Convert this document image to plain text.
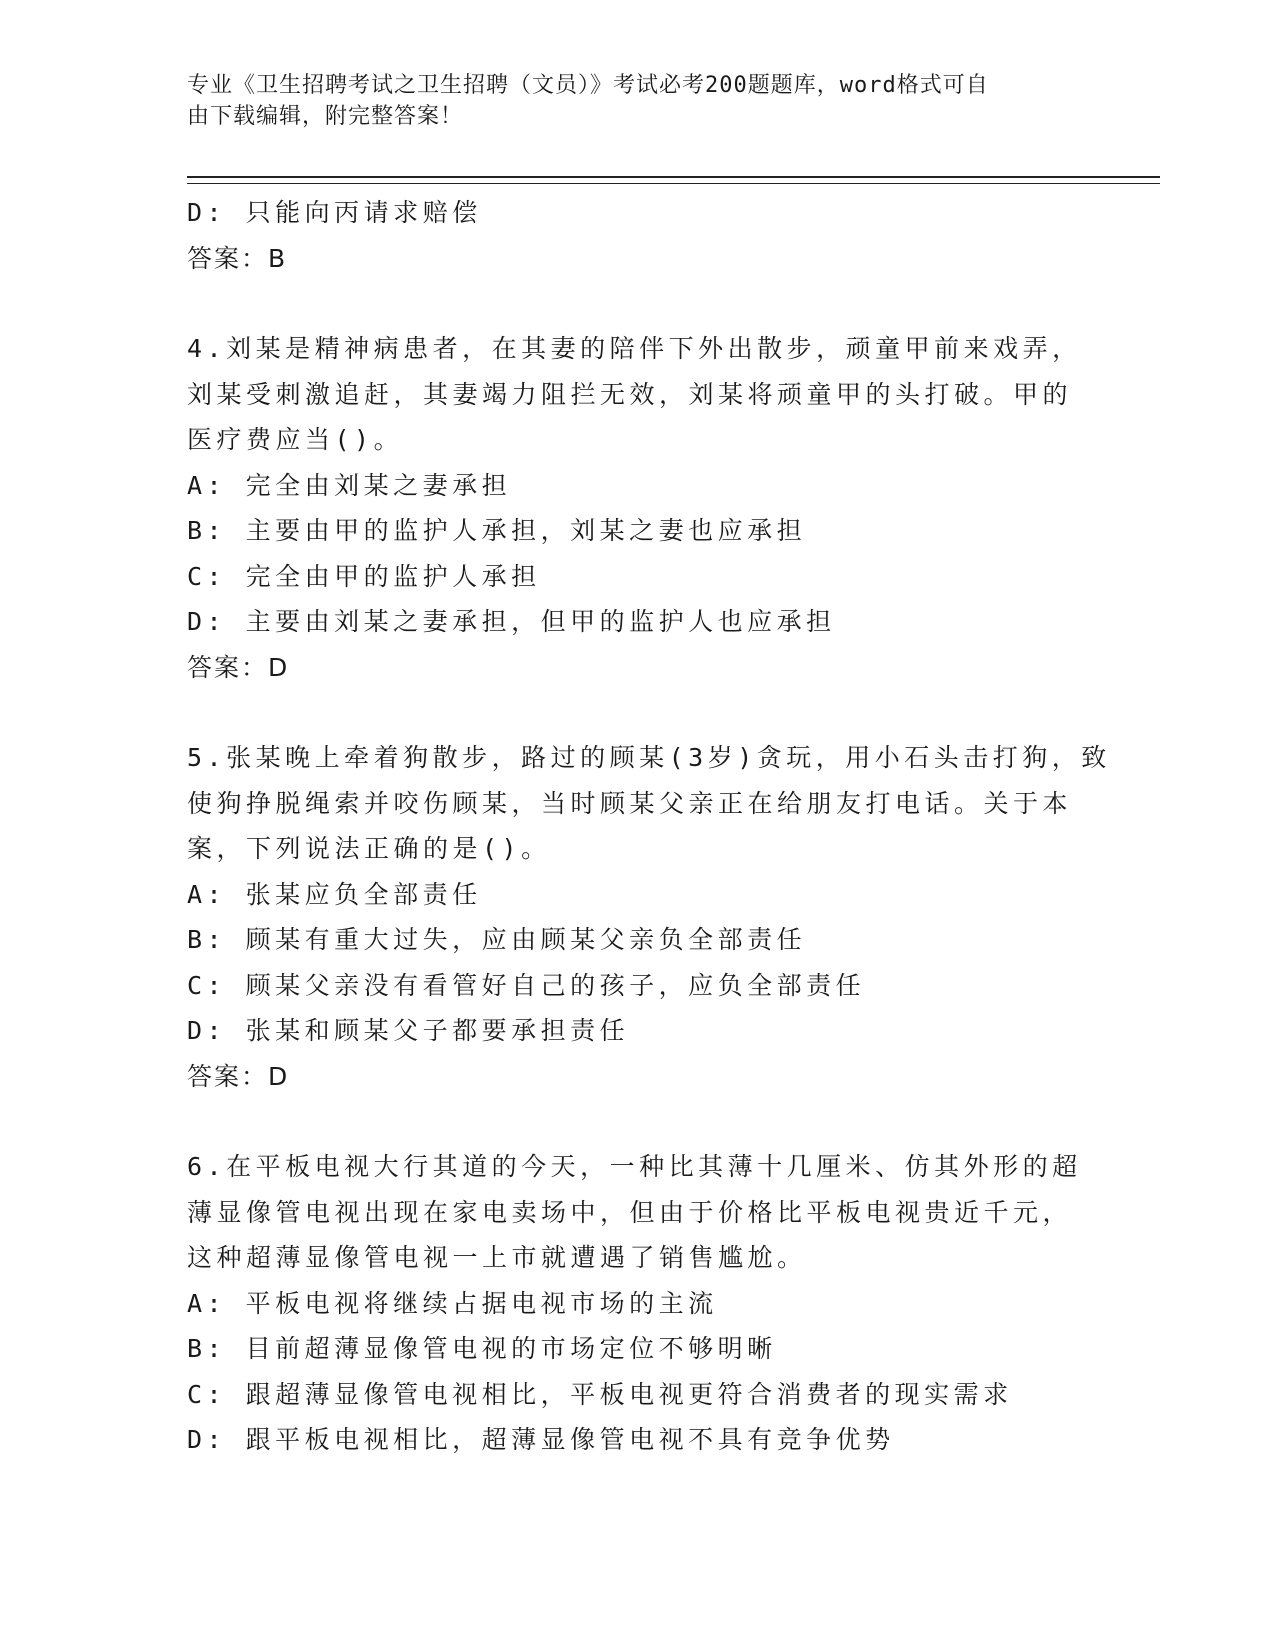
专业《卫生招聘考试之卫生招聘（文员）》考试必考200题题库，word格式可自
由下载编辑，附完整答案！
D: 只能向丙请求赔偿
答案：B
4.刘某是精神病患者，在其妻的陪伴下外出散步，顽童甲前来戏弄，
刘某受刺激追赶，其妻竭力阻拦无效，刘某将顽童甲的头打破。甲的
医疗费应当()。
A: 完全由刘某之妻承担
B: 主要由甲的监护人承担，刘某之妻也应承担
C: 完全由甲的监护人承担
D: 主要由刘某之妻承担，但甲的监护人也应承担
答案：D
5.张某晚上牵着狗散步，路过的顾某(3岁)贪玩，用小石头击打狗，致
使狗挣脱绳索并咬伤顾某，当时顾某父亲正在给朋友打电话。关于本
案，下列说法正确的是()。
A: 张某应负全部责任
B: 顾某有重大过失，应由顾某父亲负全部责任
C: 顾某父亲没有看管好自己的孩子，应负全部责任
D: 张某和顾某父子都要承担责任
答案：D
6.在平板电视大行其道的今天，一种比其薄十几厘米、仿其外形的超
薄显像管电视出现在家电卖场中，但由于价格比平板电视贵近千元，
这种超薄显像管电视一上市就遭遇了销售尴尬。
A: 平板电视将继续占据电视市场的主流
B: 目前超薄显像管电视的市场定位不够明晰
C: 跟超薄显像管电视相比，平板电视更符合消费者的现实需求
D: 跟平板电视相比，超薄显像管电视不具有竞争优势
